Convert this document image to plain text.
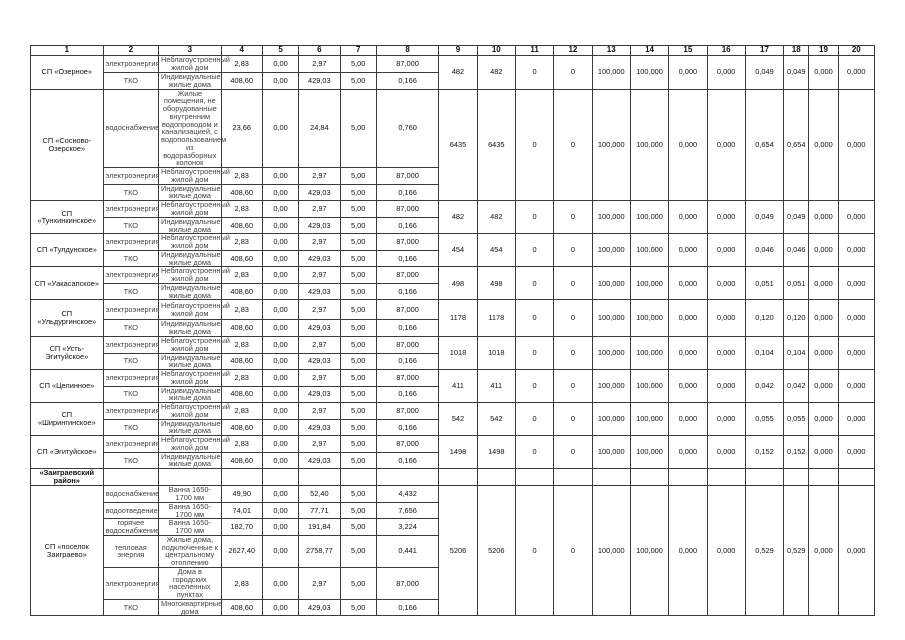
1	2	3	4	5	6	7	8	9	10	11	12	13	14	15	16	17	18	19	20
СП «Озерное»	электроэнергия	Неблагоустроенный жилой дом	2,83	0,00	2,97	5,00	87,000	482	482	0	0	100,000	100,000	0,000	0,000	0,049	0,049	0,000	0,000
	ТКО	Индивидуальные жилые дома	408,60	0,00	429,03	5,00	0,166												
СП «Сосново-Озерское»	водоснабжение	Жилые помещения, не оборудованные внутренним водопроводом и канализацией, с водопользованием из водоразборных колонок	23,66	0,00	24,84	5,00	0,760	6435	6435	0	0	100,000	100,000	0,000	0,000	0,654	0,654	0,000	0,000
	электроэнергия	Неблагоустроенный жилой дом	2,83	0,00	2,97	5,00	87,000												
	ТКО	Индивидуальные жилые дома	408,60	0,00	429,03	5,00	0,166												
СП «Тунхинкинское»	электроэнергия	Неблагоустроенный жилой дом	2,83	0,00	2,97	5,00	87,000	482	482	0	0	100,000	100,000	0,000	0,000	0,049	0,049	0,000	0,000
	ТКО	Индивидуальные жилые дома	408,60	0,00	429,03	5,00	0,166												
СП «Тулдунское»	электроэнергия	Неблагоустроенный жилой дом	2,83	0,00	2,97	5,00	87,000	454	454	0	0	100,000	100,000	0,000	0,000	0,046	0,046	0,000	0,000
	ТКО	Индивидуальные жилые дома	408,60	0,00	429,03	5,00	0,166												
СП «Уакасапское»	электроэнергия	Неблагоустроенный жилой дом	2,83	0,00	2,97	5,00	87,000	498	498	0	0	100,000	100,000	0,000	0,000	0,051	0,051	0,000	0,000
	ТКО	Индивидуальные жилые дома	408,60	0,00	429,03	5,00	0,166												
СП «Ульдургинское»	электроэнергия	Неблагоустроенный жилой дом	2,83	0,00	2,97	5,00	87,000	1178	1178	0	0	100,000	100,000	0,000	0,000	0,120	0,120	0,000	0,000
	ТКО	Индивидуальные жилые дома	408,60	0,00	429,03	5,00	0,166												
СП «Усть-Эгитуйское»	электроэнергия	Неблагоустроенный жилой дом	2,83	0,00	2,97	5,00	87,000	1018	1018	0	0	100,000	100,000	0,000	0,000	0,104	0,104	0,000	0,000
	ТКО	Индивидуальные жилые дома	408,60	0,00	429,03	5,00	0,166												
СП «Целинное»	электроэнергия	Неблагоустроенный жилой дом	2,83	0,00	2,97	5,00	87,000	411	411	0	0	100,000	100,000	0,000	0,000	0,042	0,042	0,000	0,000
	ТКО	Индивидуальные жилые дома	408,60	0,00	429,03	5,00	0,166												
СП «Ширингинское»	электроэнергия	Неблагоустроенный жилой дом	2,83	0,00	2,97	5,00	87,000	542	542	0	0	100,000	100,000	0,000	0,000	0,055	0,055	0,000	0,000
	ТКО	Индивидуальные жилые дома	408,60	0,00	429,03	5,00	0,166												
СП «Эгитуйское»	электроэнергия	Неблагоустроенный жилой дом	2,83	0,00	2,97	5,00	87,000	1498	1498	0	0	100,000	100,000	0,000	0,000	0,152	0,152	0,000	0,000
	ТКО	Индивидуальные жилые дома	408,60	0,00	429,03	5,00	0,166												
«Заиграевский район»																			
СП «поселок Заиграево»	водоснабжение	Ванна 1650-1700 мм	49,90	0,00	52,40	5,00	4,432	5206	5206	0	0	100,000	100,000	0,000	0,000	0,529	0,529	0,000	0,000
	водоотведение	Ванна 1650-1700 мм	74,01	0,00	77,71	5,00	7,656												
	горячее водоснабжение	Ванна 1650-1700 мм	182,70	0,00	191,84	5,00	3,224												
	тепловая энергия	Жилые дома, подключенные к центральному отоплению	2627,40	0,00	2758,77	5,00	0,441												
	электроэнергия	Дома в городских населенных пунктах	2,83	0,00	2,97	5,00	87,000												
	ТКО	Многоквартирные дома	408,60	0,00	429,03	5,00	0,166												
